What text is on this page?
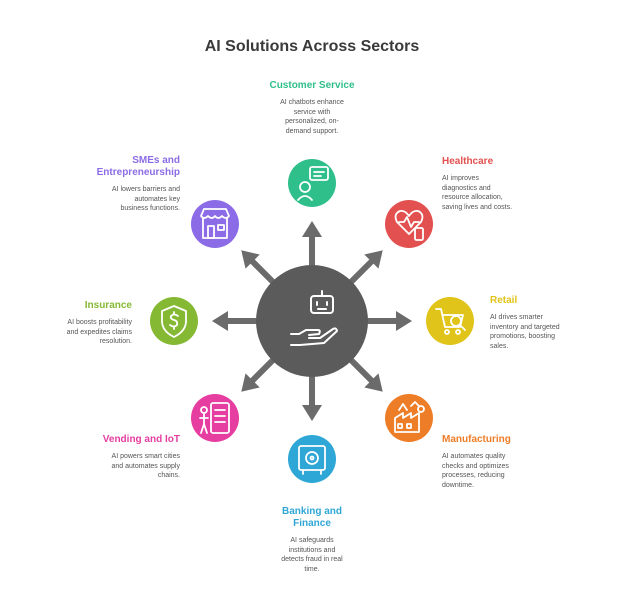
AI Solutions Across Sectors
Customer Service
AI chatbots enhance
service with
personalized, on-
demand support.
Healthcare
AI improves
diagnostics and
resource allocation,
saving lives and costs.
Retail
AI drives smarter
inventory and targeted
promotions, boosting
sales.
Manufacturing
AI automates quality
checks and optimizes
processes, reducing
downtime.
Banking and
Finance
AI safeguards
institutions and
detects fraud in real
time.
Vending and IoT
AI powers smart cities
and automates supply
chains.
Insurance
AI boosts profitability
and expedites claims
resolution.
SMEs and
Entrepreneurship
AI lowers barriers and
automates key
business functions.
